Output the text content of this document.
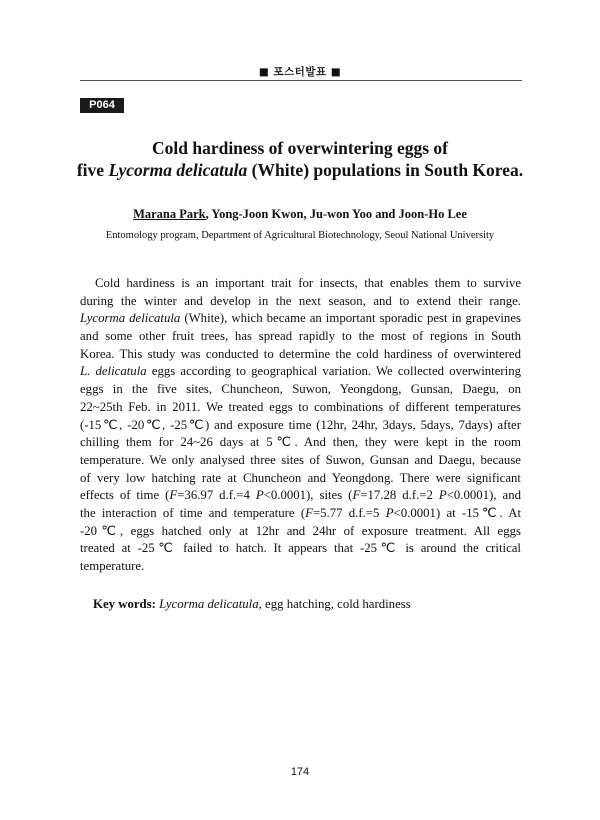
■ 포스터발표 ■
P064
Cold hardiness of overwintering eggs of
five Lycorma delicatula (White) populations in South Korea.
Marana Park, Yong-Joon Kwon, Ju-won Yoo and Joon-Ho Lee
Entomology program, Department of Agricultural Biotechnology, Seoul National University
Cold hardiness is an important trait for insects, that enables them to survive
during the winter and develop in the next season, and to extend their range.
Lycorma delicatula (White), which became an important sporadic pest in grapevines
and some other fruit trees, has spread rapidly to the most of regions in South
Korea. This study was conducted to determine the cold hardiness of overwintered
L. delicatula eggs according to geographical variation. We collected overwintering
eggs in the five sites, Chuncheon, Suwon, Yeongdong, Gunsan, Daegu, on
22~25th Feb. in 2011. We treated eggs to combinations of different temperatures
(-15℃, -20℃, -25℃) and exposure time (12hr, 24hr, 3days, 5days, 7days) after
chilling them for 24~26 days at 5℃. And then, they were kept in the room
temperature. We only analysed three sites of Suwon, Gunsan and Daegu, because
of very low hatching rate at Chuncheon and Yeongdong. There were significant
effects of time (F=36.97 d.f.=4 P<0.0001), sites (F=17.28 d.f.=2 P<0.0001), and
the interaction of time and temperature (F=5.77 d.f.=5 P<0.0001) at -15℃. At
-20℃, eggs hatched only at 12hr and 24hr of exposure treatment. All eggs
treated at -25℃ failed to hatch. It appears that -25℃ is around the critical
temperature.
Key words: Lycorma delicatula, egg hatching, cold hardiness
174
